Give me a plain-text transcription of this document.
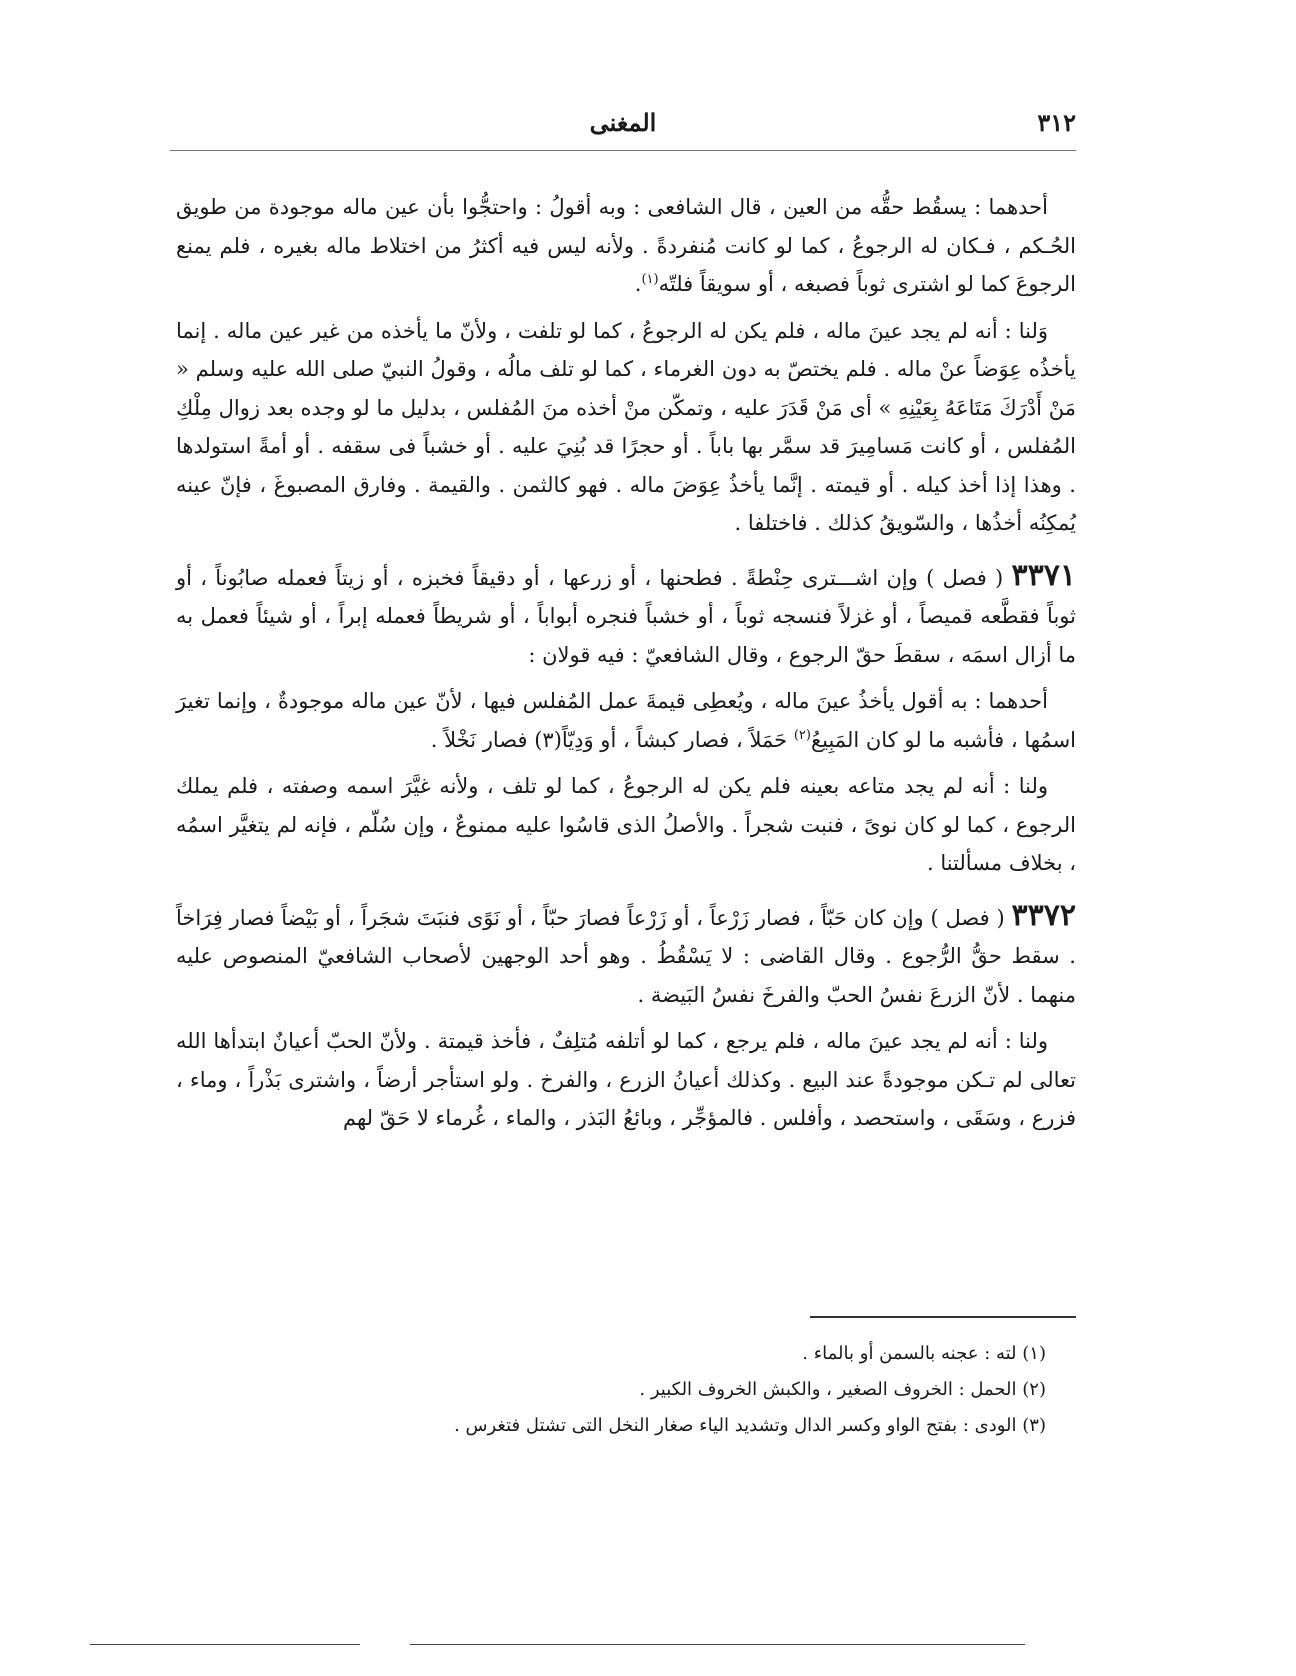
٣١٢
المغنى

أحدهما : يسقُط حقُّه من العين ، قال الشافعى : وبه أقولُ : واحتجُّوا بأن عين ماله موجودة من طويق الحُـكم ، فـكان له الرجوعُ ، كما لو كانت مُنفردةً . ولأنه ليس فيه أكثرُ من اختلاط ماله بغيره ، فلم يمنع الرجوعَ كما لو اشترى ثوباً فصبغه ، أو سويقاً فلتّه$^{(١)}$.

وَلنا : أنه لم يجد عينَ ماله ، فلم يكن له الرجوعُ ، كما لو تلفت ، ولأنّ ما يأخذه من غير عين ماله . إنما يأخذُه عِوَضاً عنْ ماله . فلم يختصّ به دون الغرماء ، كما لو تلف مالُه ، وقولُ النبيّ صلى الله عليه وسلم « مَنْ أَدْرَكَ مَتَاعَهُ بِعَيْنِهِ » أى مَنْ قَدَرَ عليه ، وتمكّن منْ أخذه منَ المُفلس ، بدليل ما لو وجده بعد زوال مِلْكِ المُفلس ، أو كانت مَسامِيرَ قد سمَّر بها باباً . أو حجرًا قد بُنِيَ عليه . أو خشباً فى سقفه . أو أمةً استولدها . وهذا إذا أخذ كيله . أو قيمته . إنَّما يأخذُ عِوَضَ ماله . فهو كالثمن . والقيمة . وفارق المصبوغَ ، فإنّ عينه يُمكِنُه أخذُها ، والسّويقُ كذلك . فاختلفا .

٣٣٧١ ( فصل ) وإن اشـــترى حِنْطةً . فطحنها ، أو زرعها ، أو دقيقاً فخبزه ، أو زيتاً فعمله صابُوناً ، أو ثوباً فقطَّعه قميصاً ، أو غزلاً فنسجه ثوباً ، أو خشباً فنجره أبواباً ، أو شريطاً فعمله إبراً ، أو شيئاً فعمل به ما أزال اسمَه ، سقطَ حقّ الرجوع ، وقال الشافعيّ : فيه قولان :

أحدهما : به أقول يأخذُ عينَ ماله ، ويُعطِى قيمةَ عمل المُفلس فيها ، لأنّ عين ماله موجودةٌ ، وإنما تغيرَ اسمُها ، فأشبه ما لو كان المَبِيعُ$^{(٢)}$ حَمَلاً ، فصار كبشاً ، أو وَدِيّاً(٣) فصار نَخْلاً .

ولنا : أنه لم يجد متاعه بعينه فلم يكن له الرجوعُ ، كما لو تلف ، ولأنه غيَّرَ اسمه وصفته ، فلم يملك الرجوع ، كما لو كان نوىً ، فنبت شجراً . والأصلُ الذى قاسُوا عليه ممنوعٌ ، وإن سُلّم ، فإنه لم يتغيَّر اسمُه ، بخلاف مسألتنا .

٣٣٧٢ ( فصل ) وإن كان حَبّاً ، فصار زَرْعاً ، أو زَرْعاً فصارَ حبّاً ، أو نَوًى فنبَتَ شجَراً ، أو بَيْضاً فصار فِرَاخاً . سقط حقُّ الرُّجوع . وقال القاضى : لا يَسْقُطُ . وهو أحد الوجهين لأصحاب الشافعيّ المنصوص عليه منهما . لأنّ الزرعَ نفسُ الحبّ والفرخَ نفسُ البَيضة .

ولنا : أنه لم يجد عينَ ماله ، فلم يرجع ، كما لو أتلفه مُتلِفٌ ، فأخذ قيمتة . ولأنّ الحبّ أعيانٌ ابتدأها الله تعالى لم تـكن موجودةً عند البيع . وكذلك أعيانُ الزرع ، والفرخ . ولو استأجر أرضاً ، واشترى بَذْراً ، وماء ، فزرع ، وسَقَى ، واستحصد ، وأفلس . فالمؤجِّر ، وبائعُ البَذر ، والماء ، غُرماء لا حَقّ لهم

(١) لته : عجنه بالسمن أو بالماء .

(٢) الحمل : الخروف الصغير ، والكبش الخروف الكبير .

(٣) الودى : بفتح الواو وكسر الدال وتشديد الياء صغار النخل التى تشتل فتغرس .
